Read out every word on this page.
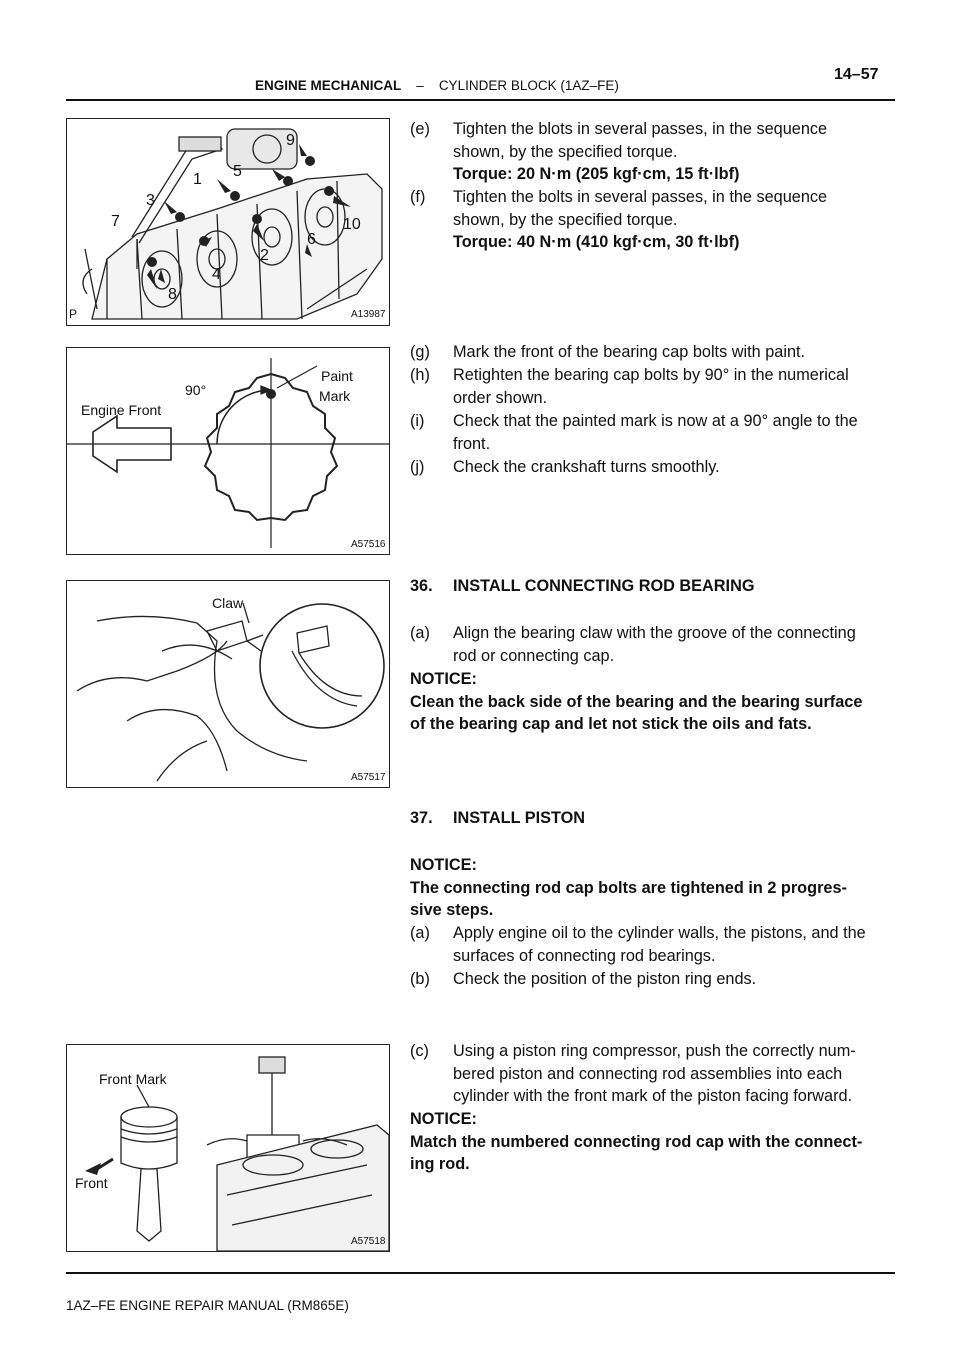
ENGINE MECHANICAL – CYLINDER BLOCK (1AZ–FE)
14–57
1
2
3
4
5
6
7
8
9
10
P	A13987
90°
Paint
Mark
Engine Front
A57516
Claw
A57517
Front Mark
Front
A57518
(e) Tighten the blots in several passes, in the sequence
shown, by the specified torque.
Torque: 20 N·m (205 kgf·cm, 15 ft·lbf)
(f) Tighten the bolts in several passes, in the sequence
shown, by the specified torque.
Torque: 40 N·m (410 kgf·cm, 30 ft·lbf)
(g) Mark the front of the bearing cap bolts with paint.
(h) Retighten the bearing cap bolts by 90° in the numerical
order shown.
(i) Check that the painted mark is now at a 90° angle to the
front.
(j) Check the crankshaft turns smoothly.
36. INSTALL CONNECTING ROD BEARING
(a) Align the bearing claw with the groove of the connecting
rod or connecting cap.
NOTICE:
Clean the back side of the bearing and the bearing surface
of the bearing cap and let not stick the oils and fats.
37. INSTALL PISTON
NOTICE:
The connecting rod cap bolts are tightened in 2 progres-
sive steps.
(a) Apply engine oil to the cylinder walls, the pistons, and the
surfaces of connecting rod bearings.
(b) Check the position of the piston ring ends.
(c) Using a piston ring compressor, push the correctly num-
bered piston and connecting rod assemblies into each
cylinder with the front mark of the piston facing forward.
NOTICE:
Match the numbered connecting rod cap with the connect-
ing rod.
1AZ–FE ENGINE REPAIR MANUAL (RM865E)
